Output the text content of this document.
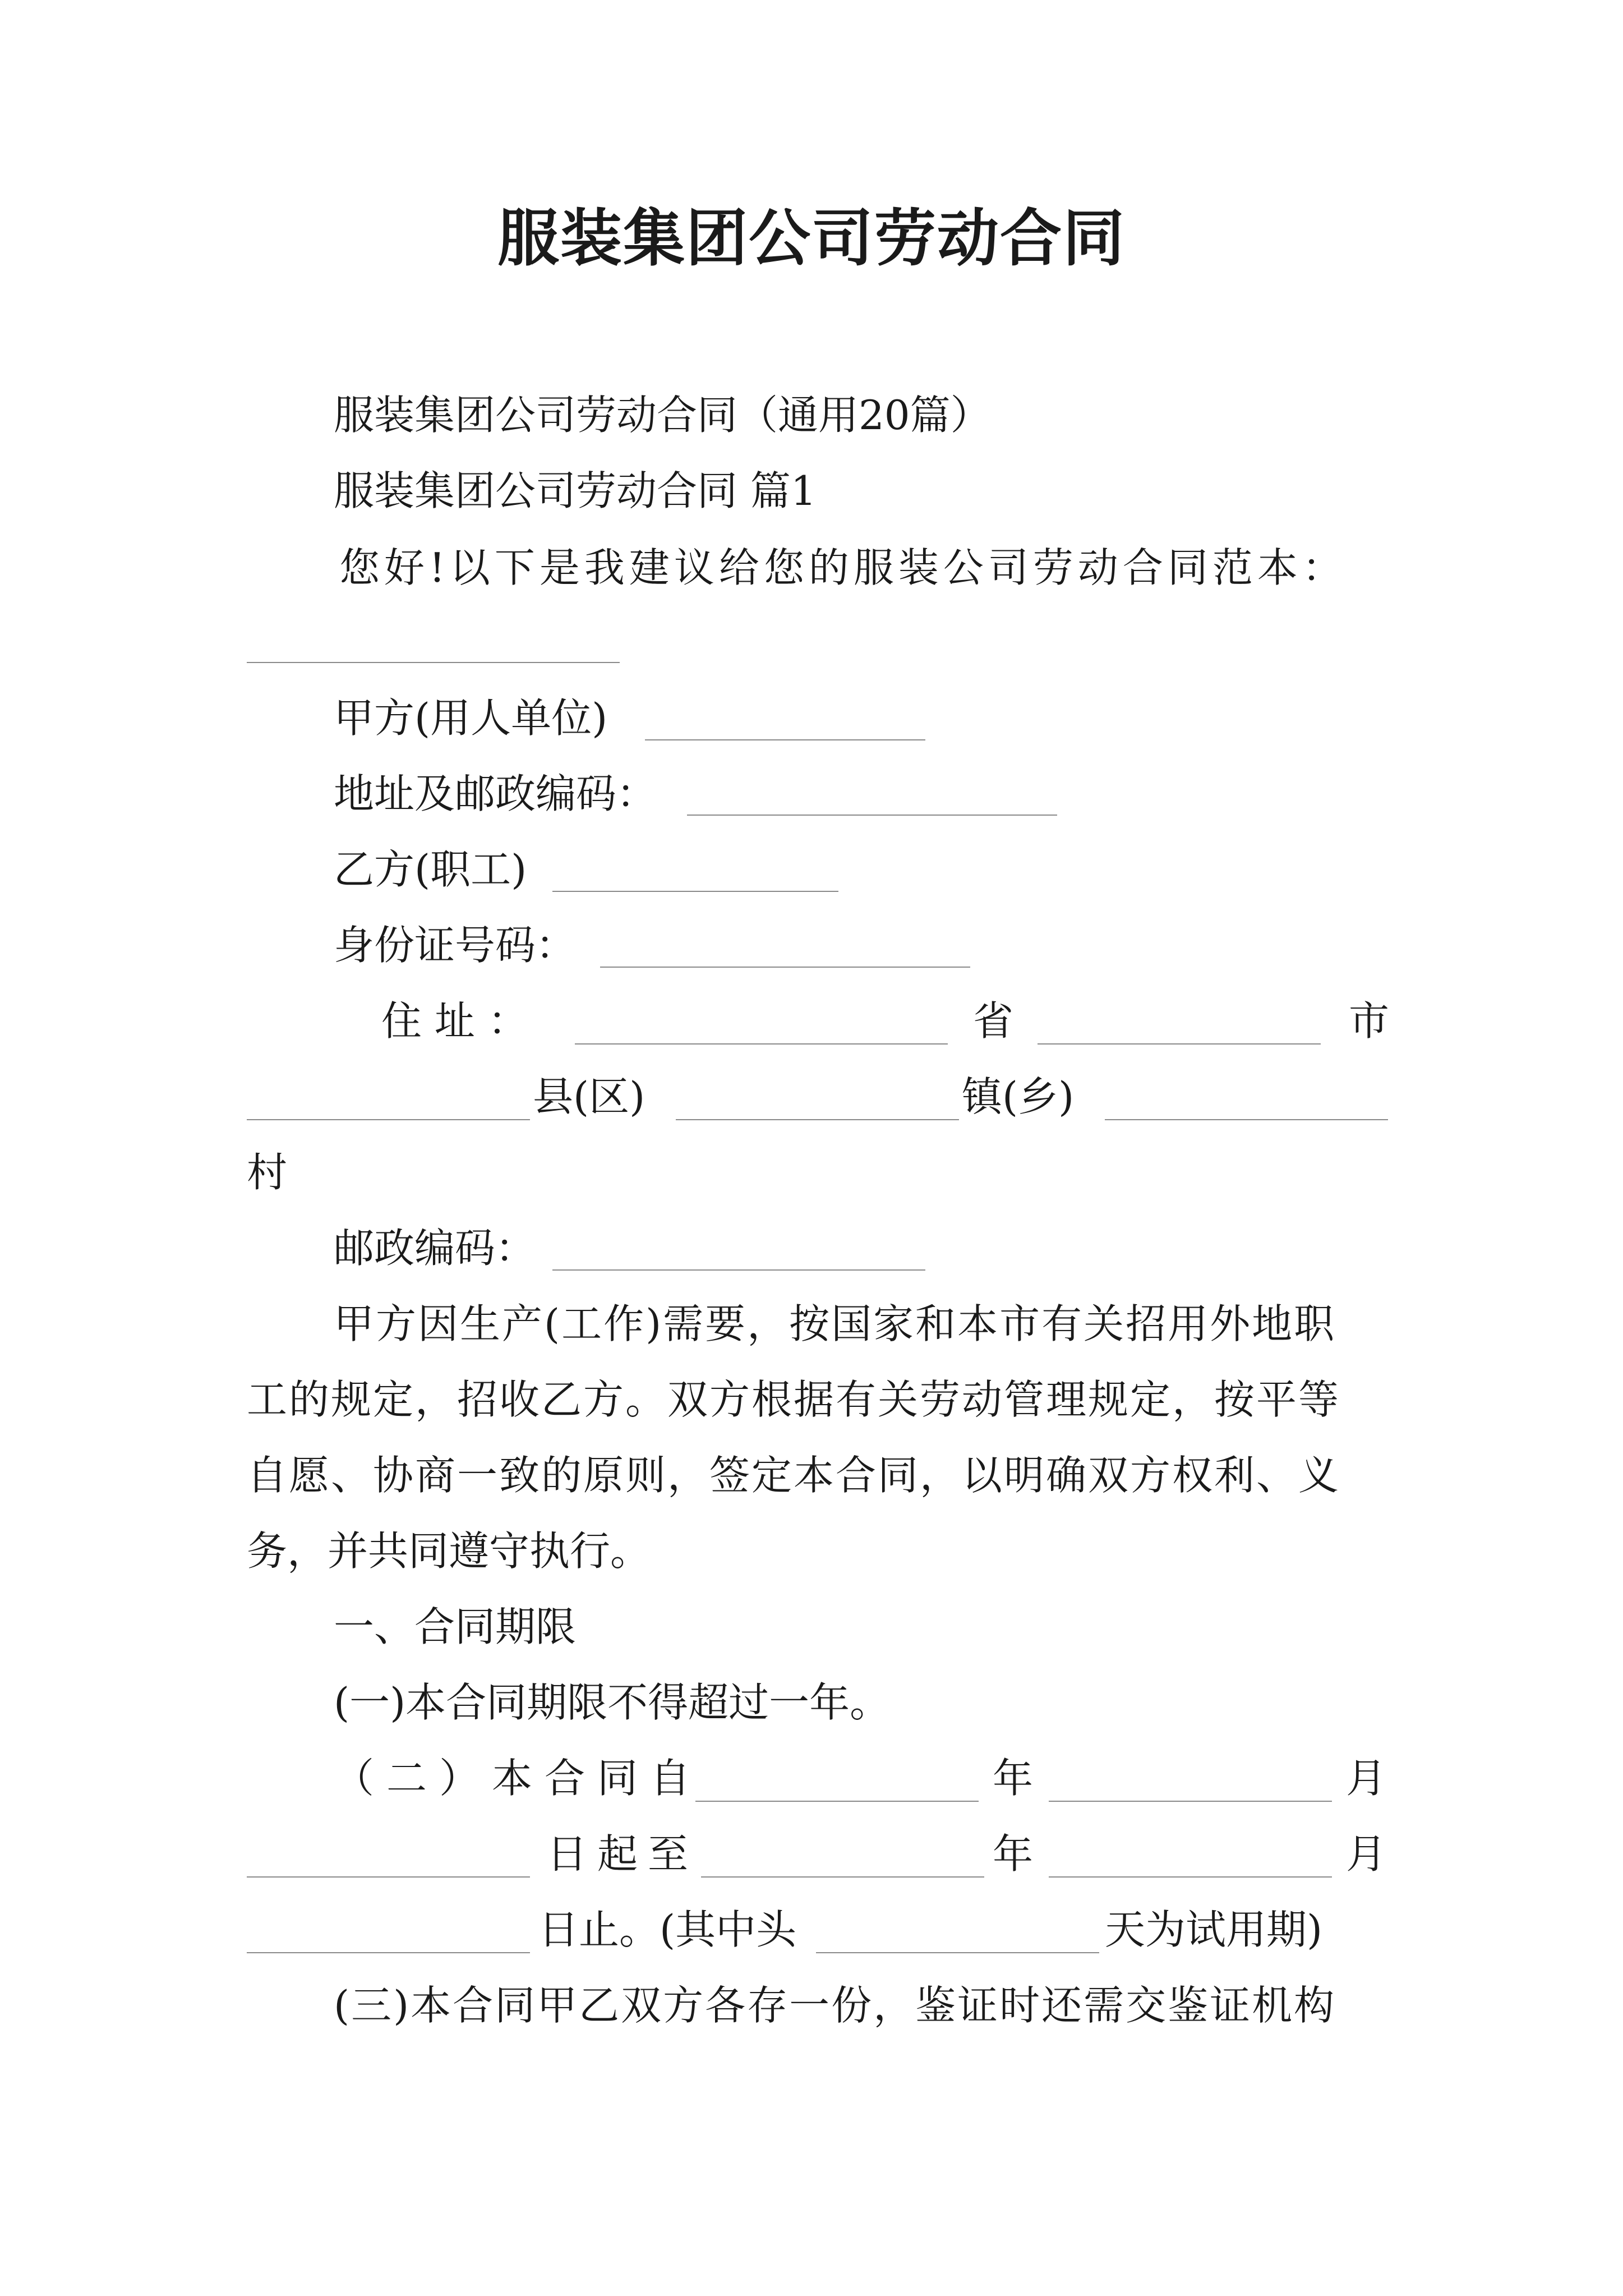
服装集团公司劳动合同
服装集团公司劳动合同（通用20篇）
服装集团公司劳动合同 篇1
您好!以下是我建议给您的服装公司劳动合同范本：
甲方(用人单位)
地址及邮政编码：
乙方(职工)
身份证号码：
住 址 ：	省	市
县(区)	镇(乡)
村
邮政编码：
甲方因生产(工作)需要，按国家和本市有关招用外地职
工的规定，招收乙方。双方根据有关劳动管理规定，按平等
自愿、协商一致的原则，签定本合同，以明确双方权利、义
务，并共同遵守执行。
一、合同期限
(一)本合同期限不得超过一年。
（二）本合同自	年	月
日起至	年	月
日止。(其中头	天为试用期)
(三)本合同甲乙双方各存一份，鉴证时还需交鉴证机构
